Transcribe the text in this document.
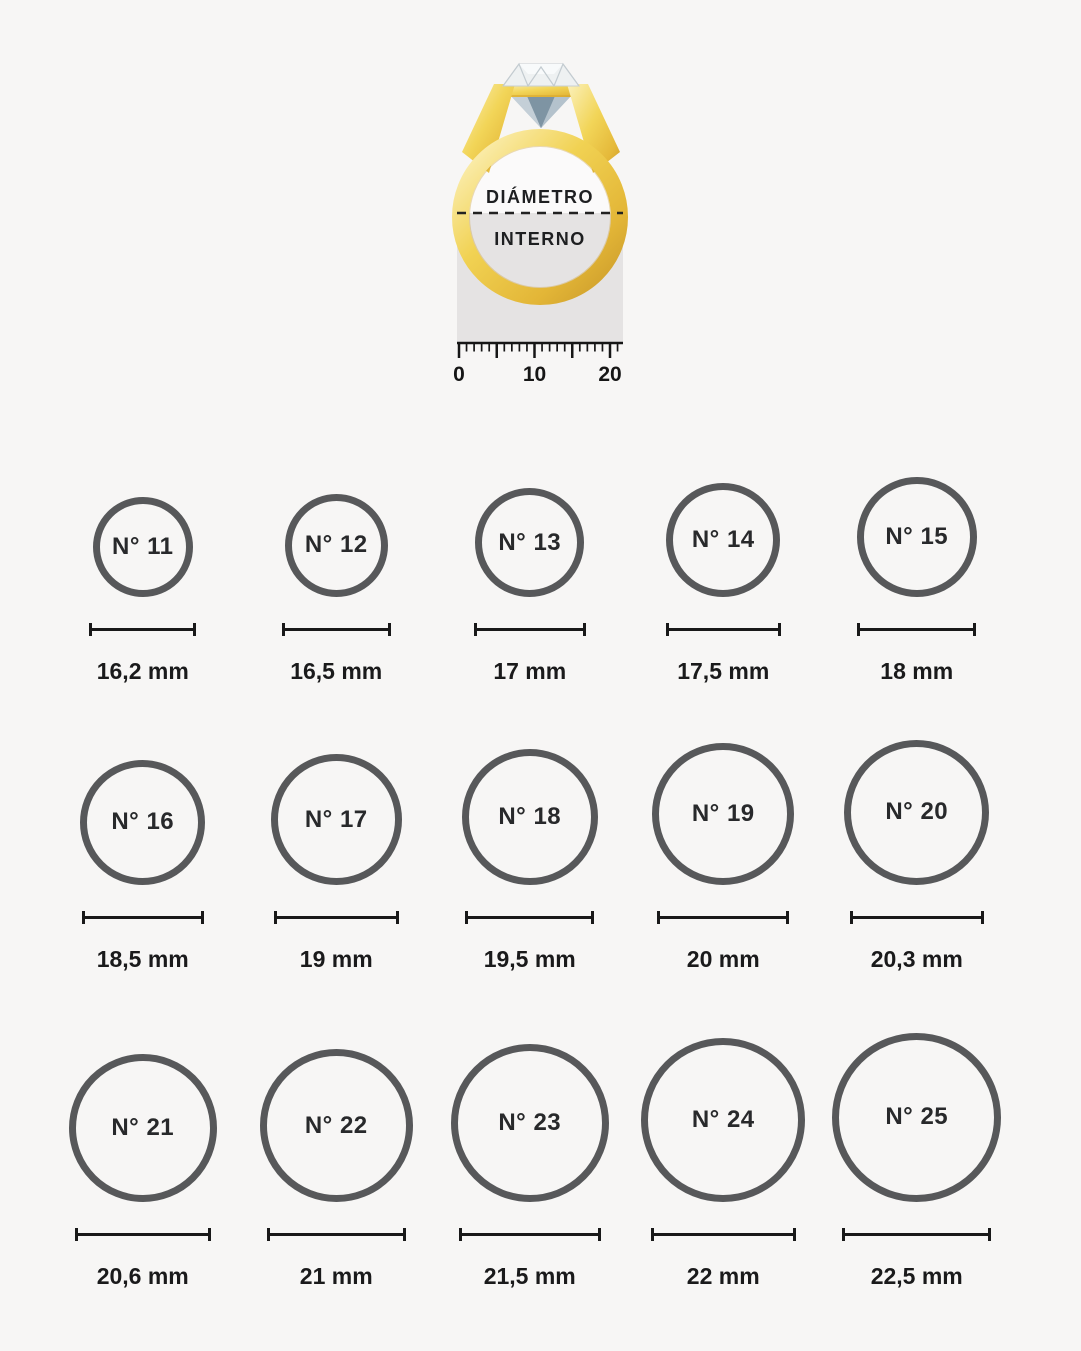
DIÁMETRO
INTERNO
0	10 20
N° 11
16,2 mm
N° 12
16,5 mm
N° 13
17 mm
N° 14
17,5 mm
N° 15
18 mm
N° 16
18,5 mm
N° 17
19 mm
N° 18
19,5 mm
N° 19
20 mm
N° 20
20,3 mm
N° 21
20,6 mm
N° 22
21 mm
N° 23
21,5 mm
N° 24
22 mm
N° 25
22,5 mm
